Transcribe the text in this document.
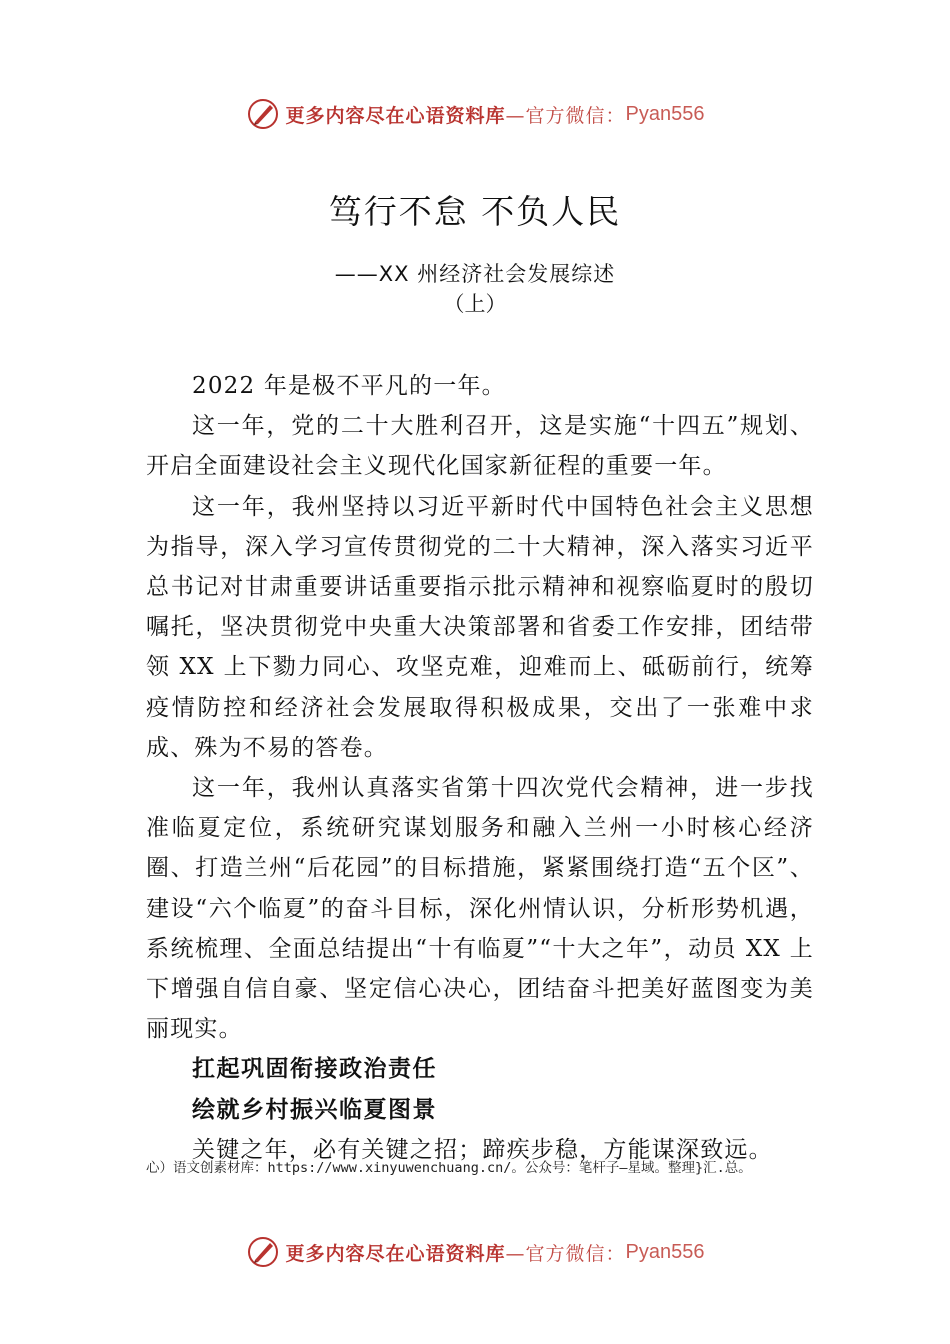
更多内容尽在心语资料库 —官方微信： Pyan556
笃行不怠 不负人民
——XX 州经济社会发展综述
（上）

2022 年是极不平凡的一年。

这一年，党的二十大胜利召开，这是实施“十四五”规划、开启全面建设社会主义现代化国家新征程的重要一年。

这一年，我州坚持以习近平新时代中国特色社会主义思想为指导，深入学习宣传贯彻党的二十大精神，深入落实习近平总书记对甘肃重要讲话重要指示批示精神和视察临夏时的殷切嘱托，坚决贯彻党中央重大决策部署和省委工作安排，团结带领 XX 上下勠力同心、攻坚克难，迎难而上、砥砺前行，统筹疫情防控和经济社会发展取得积极成果，交出了一张难中求成、殊为不易的答卷。

这一年，我州认真落实省第十四次党代会精神，进一步找准临夏定位，系统研究谋划服务和融入兰州一小时核心经济圈、打造兰州“后花园”的目标措施，紧紧围绕打造“五个区”、建设“六个临夏”的奋斗目标，深化州情认识，分析形势机遇，系统梳理、全面总结提出“十有临夏”“十大之年”，动员 XX 上下增强自信自豪、坚定信心决心，团结奋斗把美好蓝图变为美丽现实。

扛起巩固衔接政治责任

绘就乡村振兴临夏图景

关键之年，必有关键之招；蹄疾步稳，方能谋深致远。

心）语文创素材库：https://www.xinyuwenchuang.cn/。公众号：笔杆子—星域。整理}汇.总。
更多内容尽在心语资料库 —官方微信： Pyan556
